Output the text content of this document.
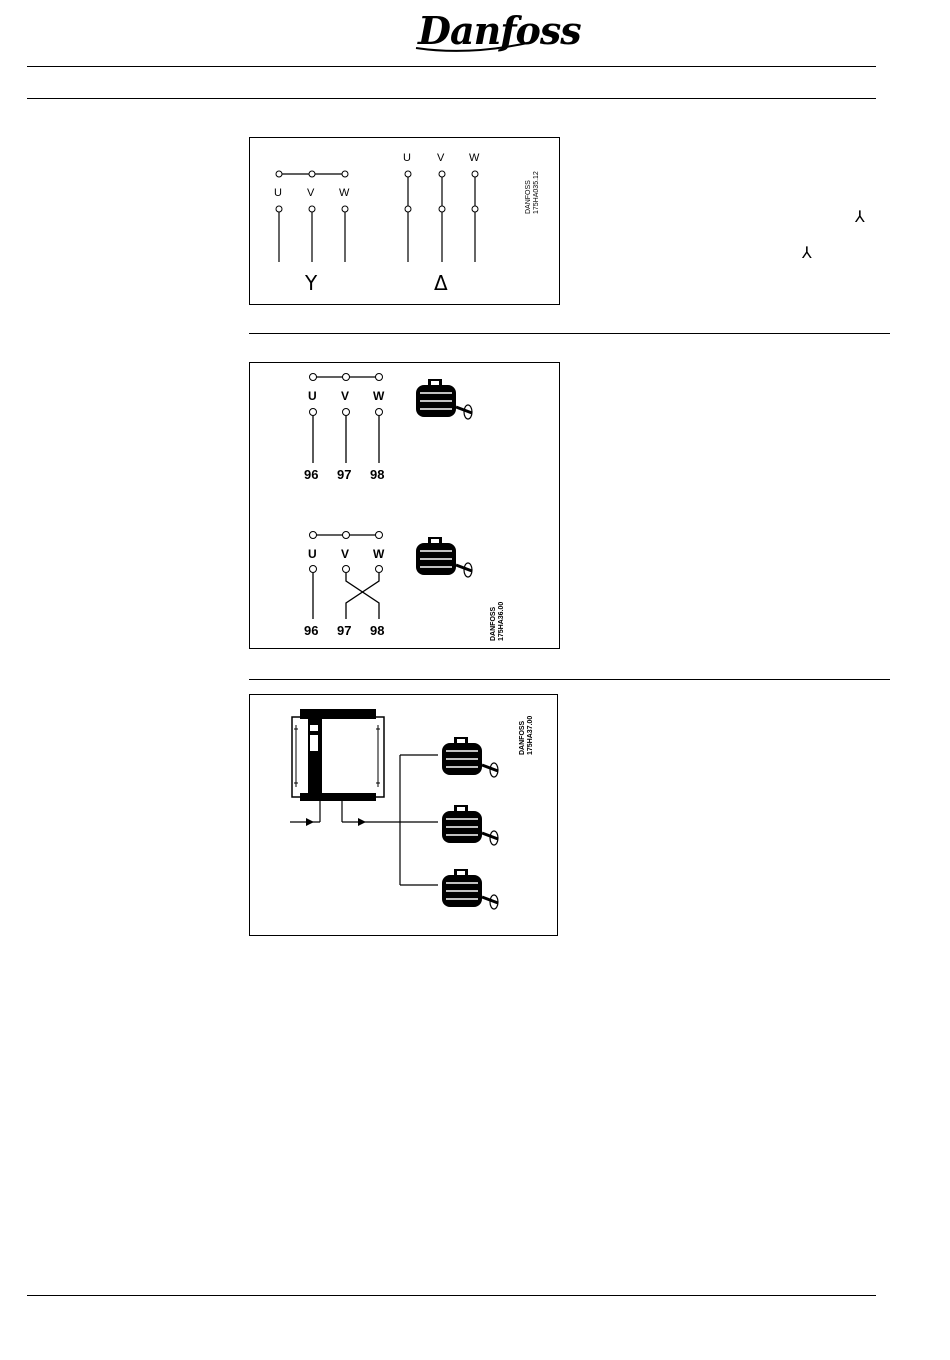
Danfoss
U V W
U V W
Y	Δ
DANFOSS 175HA035.12
⅄
⅄
U V W
96 97 98
U V W
96 97 98	DANFOSS 175HA36.00
DANFOSS 175HA37.00
